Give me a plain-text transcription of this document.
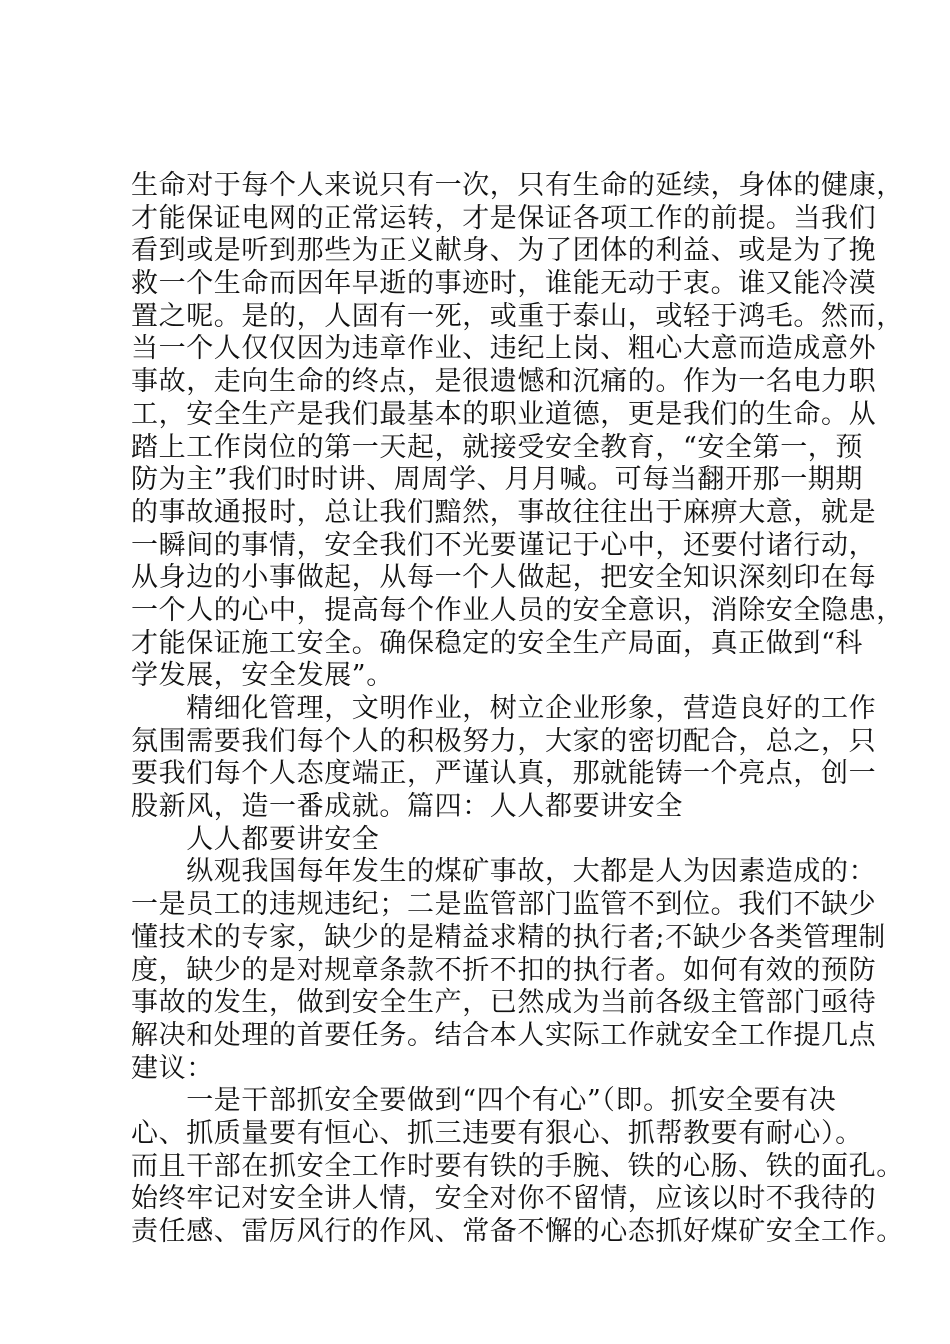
生命对于每个人来说只有一次，只有生命的延续，身体的健康，
才能保证电网的正常运转，才是保证各项工作的前提。当我们
看到或是听到那些为正义献身、为了团体的利益、或是为了挽
救一个生命而因年早逝的事迹时，谁能无动于衷。谁又能冷漠
置之呢。是的，人固有一死，或重于泰山，或轻于鸿毛。然而，
当一个人仅仅因为违章作业、违纪上岗、粗心大意而造成意外
事故，走向生命的终点，是很遗憾和沉痛的。作为一名电力职
工，安全生产是我们最基本的职业道德，更是我们的生命。从
踏上工作岗位的第一天起，就接受安全教育，“安全第一，预
防为主”我们时时讲、周周学、月月喊。可每当翻开那一期期
的事故通报时，总让我们黯然，事故往往出于麻痹大意，就是
一瞬间的事情，安全我们不光要谨记于心中，还要付诸行动，
从身边的小事做起，从每一个人做起，把安全知识深刻印在每
一个人的心中，提高每个作业人员的安全意识，消除安全隐患，
才能保证施工安全。确保稳定的安全生产局面，真正做到“科
学发展，安全发展”。
　　精细化管理，文明作业，树立企业形象，营造良好的工作
氛围需要我们每个人的积极努力，大家的密切配合，总之，只
要我们每个人态度端正，严谨认真，那就能铸一个亮点，创一
股新风，造一番成就。篇四：人人都要讲安全
　　人人都要讲安全
　　纵观我国每年发生的煤矿事故，大都是人为因素造成的：
一是员工的违规违纪；二是监管部门监管不到位。我们不缺少
懂技术的专家，缺少的是精益求精的执行者;不缺少各类管理制
度，缺少的是对规章条款不折不扣的执行者。如何有效的预防
事故的发生，做到安全生产，已然成为当前各级主管部门亟待
解决和处理的首要任务。结合本人实际工作就安全工作提几点
建议：
　　一是干部抓安全要做到“四个有心”（即。抓安全要有决
心、抓质量要有恒心、抓三违要有狠心、抓帮教要有耐心）。
而且干部在抓安全工作时要有铁的手腕、铁的心肠、铁的面孔。
始终牢记对安全讲人情，安全对你不留情，应该以时不我待的
责任感、雷厉风行的作风、常备不懈的心态抓好煤矿安全工作。
